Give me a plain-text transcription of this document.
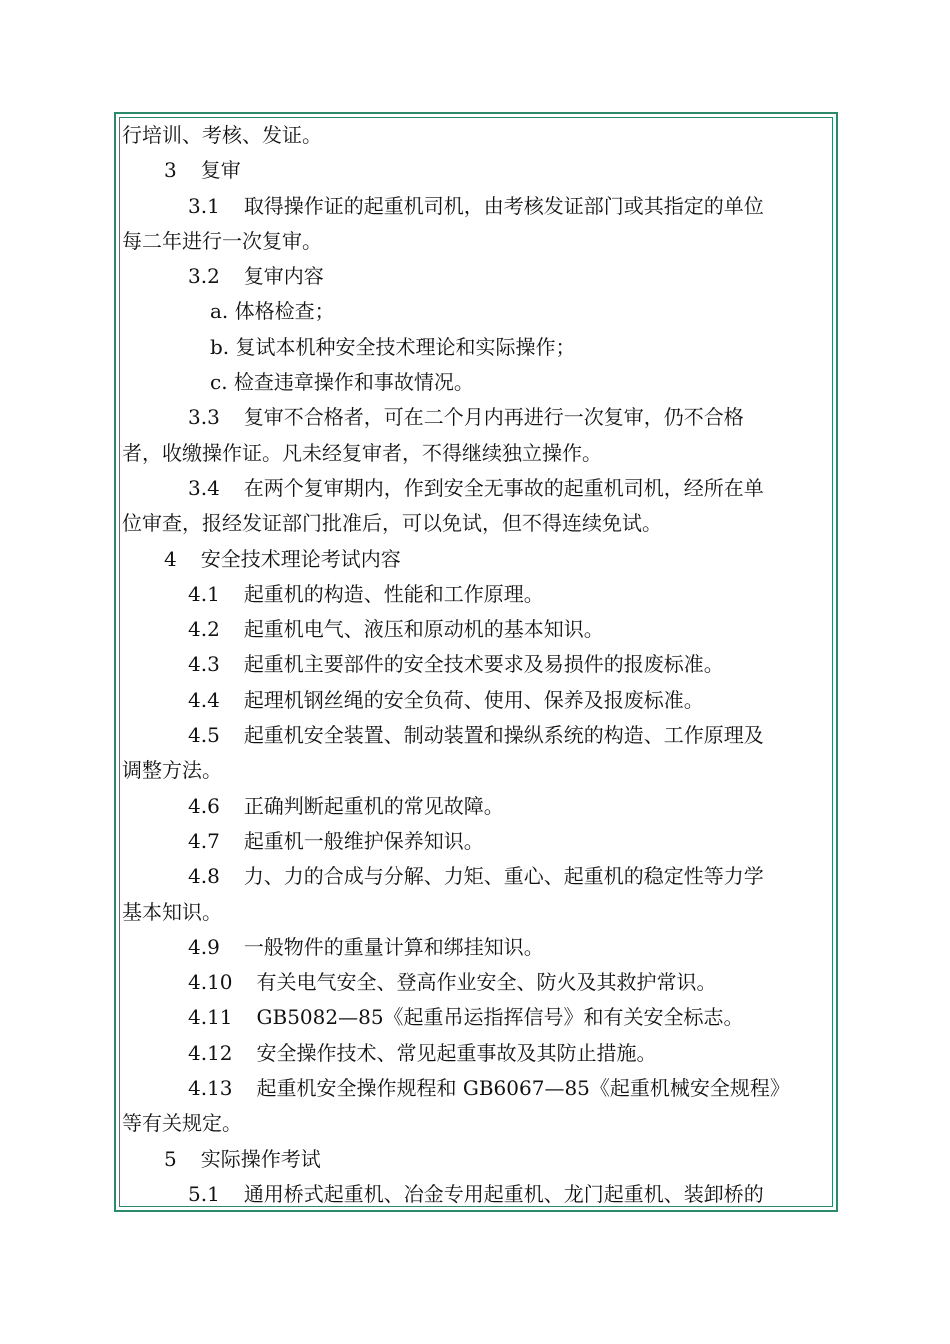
行培训、考核、发证。
3 复审
3.1 取得操作证的起重机司机，由考核发证部门或其指定的单位
每二年进行一次复审。
3.2 复审内容
a. 体格检查；
b. 复试本机种安全技术理论和实际操作；
c. 检查违章操作和事故情况。
3.3 复审不合格者，可在二个月内再进行一次复审，仍不合格
者，收缴操作证。凡未经复审者，不得继续独立操作。
3.4 在两个复审期内，作到安全无事故的起重机司机，经所在单
位审查，报经发证部门批准后，可以免试，但不得连续免试。
4 安全技术理论考试内容
4.1 起重机的构造、性能和工作原理。
4.2 起重机电气、液压和原动机的基本知识。
4.3 起重机主要部件的安全技术要求及易损件的报废标准。
4.4 起理机钢丝绳的安全负荷、使用、保养及报废标准。
4.5 起重机安全装置、制动装置和操纵系统的构造、工作原理及
调整方法。
4.6 正确判断起重机的常见故障。
4.7 起重机一般维护保养知识。
4.8 力、力的合成与分解、力矩、重心、起重机的稳定性等力学
基本知识。
4.9 一般物件的重量计算和绑挂知识。
4.10 有关电气安全、登高作业安全、防火及其救护常识。
4.11 GB5082—85《起重吊运指挥信号》和有关安全标志。
4.12 安全操作技术、常见起重事故及其防止措施。
4.13 起重机安全操作规程和 GB6067—85《起重机械安全规程》
等有关规定。
5 实际操作考试
5.1 通用桥式起重机、冶金专用起重机、龙门起重机、装卸桥的
